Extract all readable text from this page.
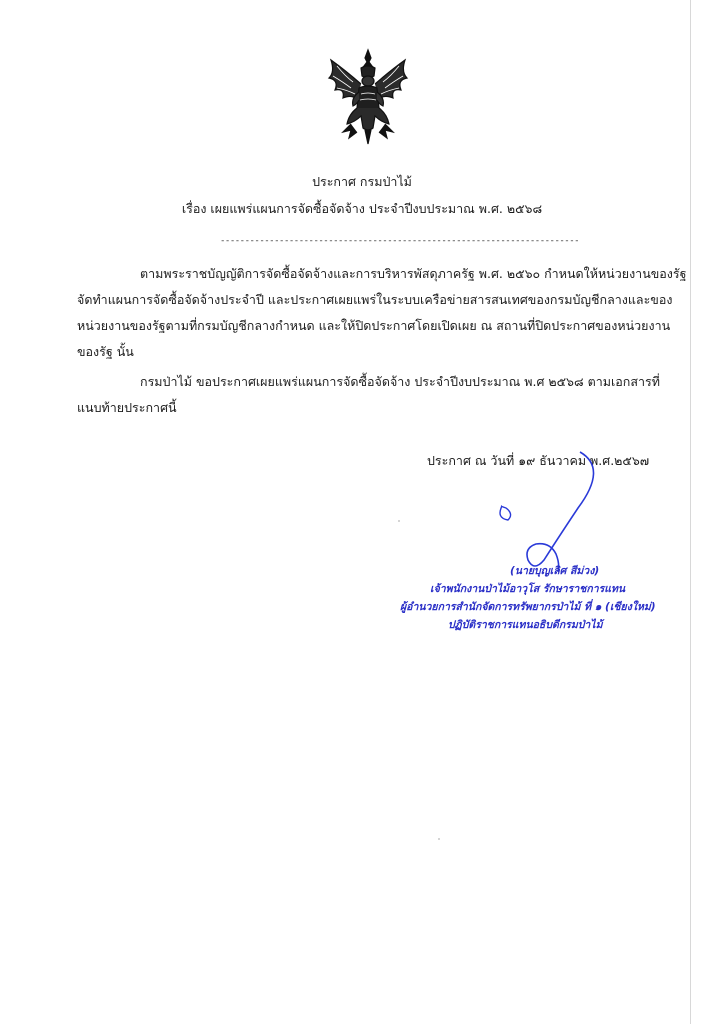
ประกาศ กรมป่าไม้
เรื่อง เผยแพร่แผนการจัดซื้อจัดจ้าง ประจำปีงบประมาณ พ.ศ. ๒๕๖๘
-------------------------------------------------------------------------
ตามพระราชบัญญัติการจัดซื้อจัดจ้างและการบริหารพัสดุภาครัฐ พ.ศ. ๒๕๖๐ กำหนดให้หน่วยงานของรัฐ
จัดทำแผนการจัดซื้อจัดจ้างประจำปี และประกาศเผยแพร่ในระบบเครือข่ายสารสนเทศของกรมบัญชีกลางและของ
หน่วยงานของรัฐตามที่กรมบัญชีกลางกำหนด และให้ปิดประกาศโดยเปิดเผย ณ สถานที่ปิดประกาศของหน่วยงาน
ของรัฐ นั้น
กรมป่าไม้ ขอประกาศเผยแพร่แผนการจัดซื้อจัดจ้าง ประจำปีงบประมาณ พ.ศ ๒๕๖๘ ตามเอกสารที่
แนบท้ายประกาศนี้
ประกาศ ณ วันที่ ๑๙ ธันวาคม พ.ศ.๒๕๖๗
(นายบุญเลิศ สีม่วง)
เจ้าพนักงานป่าไม้อาวุโส รักษาราชการแทน
ผู้อำนวยการสำนักจัดการทรัพยากรป่าไม้ ที่ ๑ (เชียงใหม่)
ปฏิบัติราชการแทนอธิบดีกรมป่าไม้
